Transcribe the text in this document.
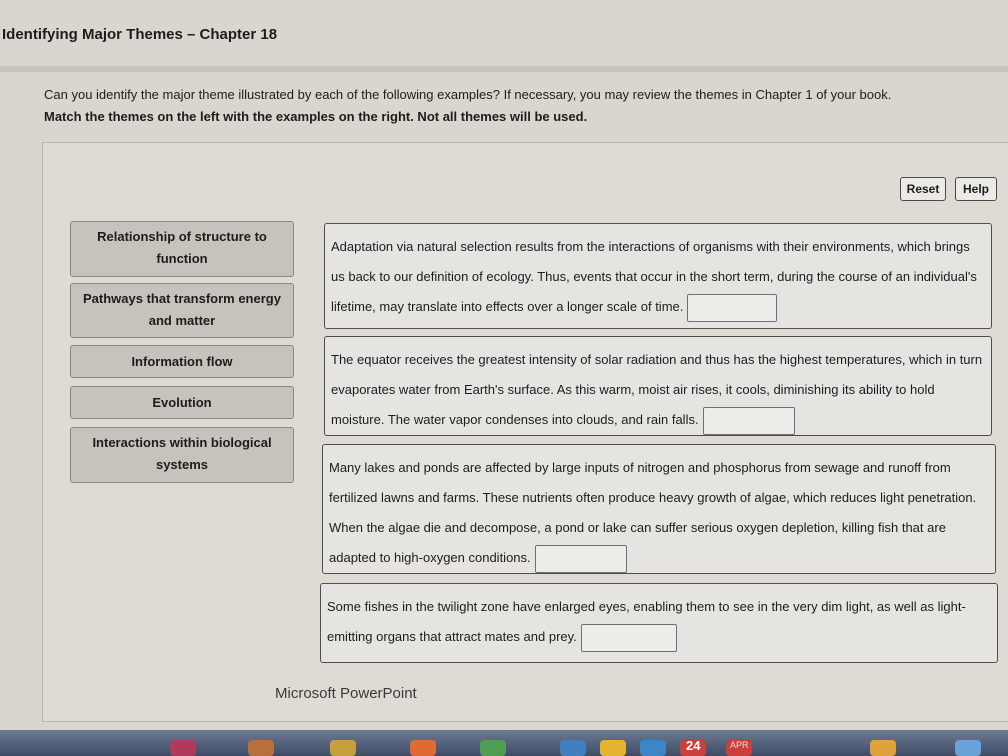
Identifying Major Themes – Chapter 18
Can you identify the major theme illustrated by each of the following examples? If necessary, you may review the themes in Chapter 1 of your book.
Match the themes on the left with the examples on the right. Not all themes will be used.
Reset	Help
Relationship of structure to function
Pathways that transform energy and matter
Information flow
Evolution
Interactions within biological systems
Adaptation via natural selection results from the interactions of organisms with their environments, which brings us back to our definition of ecology. Thus, events that occur in the short term, during the course of an individual's lifetime, may translate into effects over a longer scale of time.
The equator receives the greatest intensity of solar radiation and thus has the highest temperatures, which in turn evaporates water from Earth's surface. As this warm, moist air rises, it cools, diminishing its ability to hold moisture. The water vapor condenses into clouds, and rain falls.
Many lakes and ponds are affected by large inputs of nitrogen and phosphorus from sewage and runoff from fertilized lawns and farms. These nutrients often produce heavy growth of algae, which reduces light penetration. When the algae die and decompose, a pond or lake can suffer serious oxygen depletion, killing fish that are adapted to high-oxygen conditions.
Some fishes in the twilight zone have enlarged eyes, enabling them to see in the very dim light, as well as light-emitting organs that attract mates and prey.
Microsoft PowerPoint
24	APR
